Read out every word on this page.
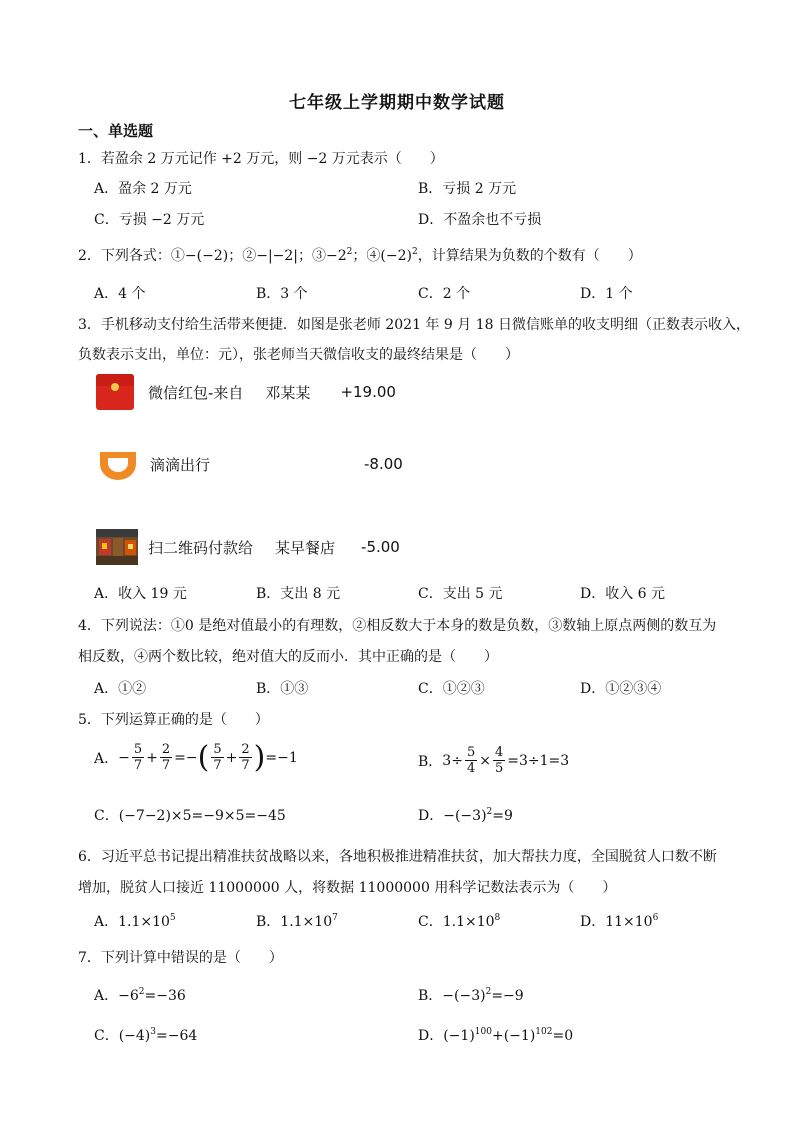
七年级上学期期中数学试题
一、单选题
1．若盈余 2 万元记作 +2 万元，则 −2 万元表示（　　）
A．盈余 2 万元	B．亏损 2 万元
C．亏损 −2 万元	D．不盈余也不亏损
2．下列各式：①−(−2)；②−|−2|；$③-2^2$；$④(-2)^2$，计算结果为负数的个数有（　　）
A．4 个	B．3 个	C．2 个	D．1 个
3．手机移动支付给生活带来便捷．如图是张老师 2021 年 9 月 18 日微信账单的收支明细（正数表示收入，
负数表示支出，单位：元），张老师当天微信收支的最终结果是（　　）
微信红包-来自 邓某某 +19.00
滴滴出行	-8.00
扫二维码付款给 某早餐店 -5.00
A．收入 19 元	B．支出 8 元	C．支出 5 元	D．收入 6 元
4．下列说法：①0 是绝对值最小的有理数，②相反数大于本身的数是负数，③数轴上原点两侧的数互为
相反数，④两个数比较，绝对值大的反而小．其中正确的是（　　）
A．①②	B．①③	C．①②③	D．①②③④
5．下列运算正确的是（　　）
A． − $\frac{5}{7} + \frac{2}{7}$ =− ( $\frac{5}{7} + \frac{2}{7}$ ) =−1	B． $3\div \frac{5}{4} \times \frac{4}{5} =3\div 1=3$
C．(−7−2)×5=−9×5=−45	D．$-(-3)^2=9$
6．习近平总书记提出精准扶贫战略以来，各地积极推进精准扶贫，加大帮扶力度，全国脱贫人口数不断
增加，脱贫人口接近 11000000 人，将数据 11000000 用科学记数法表示为（　　）
A．$1.1\times 10^5$	B．$1.1\times 10^7$	C．$1.1\times 10^8$	D．$11\times 10^6$
7．下列计算中错误的是（　　）
A．$-6^2=-36$	B．$-(-3)^2=-9$
C．$(-4)^3=-64$	D．$(-1)^{100}+(-1)^{102}=0$
